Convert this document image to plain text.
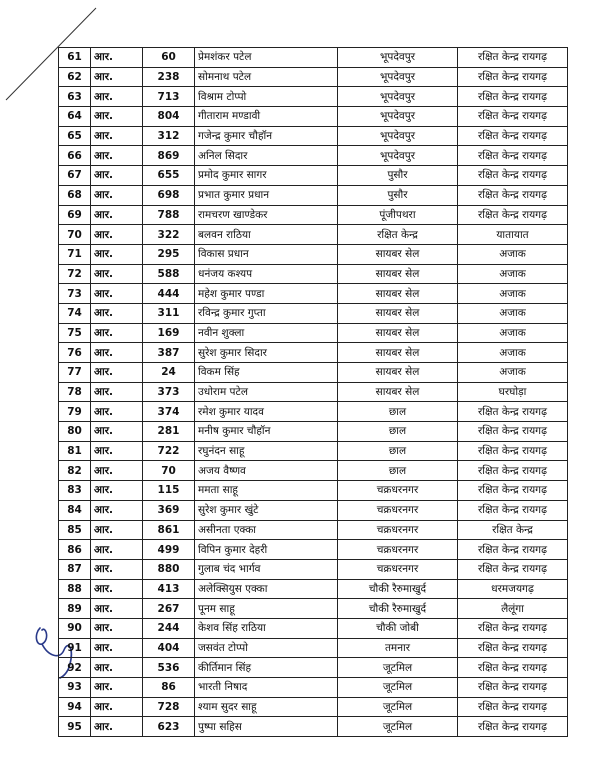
61	आर.	60	प्रेमशंकर पटेल	भूपदेवपुर	रक्षित केन्द्र रायगढ़
62	आर.	238	सोमनाथ पटेल	भूपदेवपुर	रक्षित केन्द्र रायगढ़
63	आर.	713	विश्राम टोप्पो	भूपदेवपुर	रक्षित केन्द्र रायगढ़
64	आर.	804	गीताराम मण्डावी	भूपदेवपुर	रक्षित केन्द्र रायगढ़
65	आर.	312	गजेन्द्र कुमार चौहॉन	भूपदेवपुर	रक्षित केन्द्र रायगढ़
66	आर.	869	अनिल सिदार	भूपदेवपुर	रक्षित केन्द्र रायगढ़
67	आर.	655	प्रमोद कुमार सागर	पुसौर	रक्षित केन्द्र रायगढ़
68	आर.	698	प्रभात कुमार प्रधान	पुसौर	रक्षित केन्द्र रायगढ़
69	आर.	788	रामचरण खाण्डेकर	पूंजीपथरा	रक्षित केन्द्र रायगढ़
70	आर.	322	बलवन राठिया	रक्षित केन्द्र	यातायात
71	आर.	295	विकास प्रधान	सायबर सेल	अजाक
72	आर.	588	धनंजय कश्यप	सायबर सेल	अजाक
73	आर.	444	महेश कुमार पण्डा	सायबर सेल	अजाक
74	आर.	311	रविन्द्र कुमार गुप्ता	सायबर सेल	अजाक
75	आर.	169	नवीन शुक्ला	सायबर सेल	अजाक
76	आर.	387	सुरेश कुमार सिदार	सायबर सेल	अजाक
77	आर.	24	विकम सिंह	सायबर सेल	अजाक
78	आर.	373	उधोराम पटेल	सायबर सेल	घरघोड़ा
79	आर.	374	रमेश कुमार यादव	छाल	रक्षित केन्द्र रायगढ़
80	आर.	281	मनीष कुमार चौहॉन	छाल	रक्षित केन्द्र रायगढ़
81	आर.	722	रघुनंदन साहू	छाल	रक्षित केन्द्र रायगढ़
82	आर.	70	अजय वैष्णव	छाल	रक्षित केन्द्र रायगढ़
83	आर.	115	ममता साहू	चक्रधरनगर	रक्षित केन्द्र रायगढ़
84	आर.	369	सुरेश कुमार खुंटे	चक्रधरनगर	रक्षित केन्द्र रायगढ़
85	आर.	861	असीनता एक्का	चक्रधरनगर	रक्षित केन्द्र
86	आर.	499	विपिन कुमार देहरी	चक्रधरनगर	रक्षित केन्द्र रायगढ़
87	आर.	880	गुलाब चंद भार्गव	चक्रधरनगर	रक्षित केन्द्र रायगढ़
88	आर.	413	अलेक्सियुस एक्का	चौकी रैरुमाखुर्द	धरमजयगढ़
89	आर.	267	पूनम साहू	चौकी रैरुमाखुर्द	लैलूंगा
90	आर.	244	केशव सिंह राठिया	चौकी जोबी	रक्षित केन्द्र रायगढ़
91	आर.	404	जसवंत टोप्पो	तमनार	रक्षित केन्द्र रायगढ़
92	आर.	536	कीर्तिमान सिंह	जूटमिल	रक्षित केन्द्र रायगढ़
93	आर.	86	भारती निषाद	जूटमिल	रक्षित केन्द्र रायगढ़
94	आर.	728	श्याम सुदर साहू	जूटमिल	रक्षित केन्द्र रायगढ़
95	आर.	623	पुष्पा सहिस	जूटमिल	रक्षित केन्द्र रायगढ़
